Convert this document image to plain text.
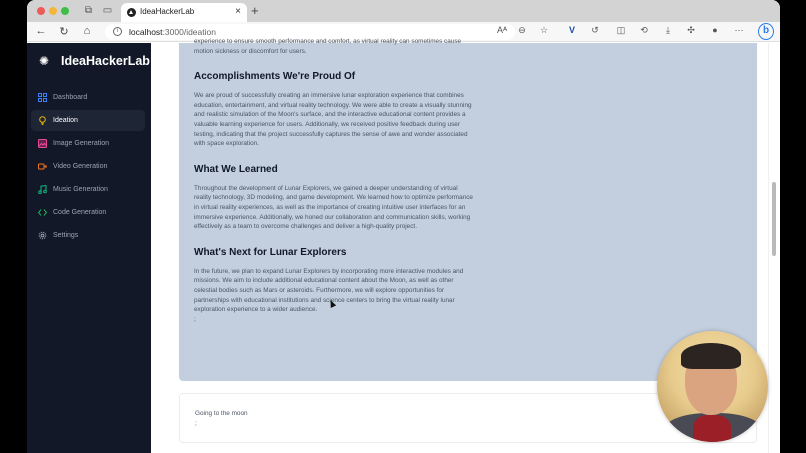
⧉ ▭	IdeaHackerLab	× +
← ↻	⌂	i	localhost:3000/ideation	Aᴬ ⊖ ☆	V	↺ ◫ ⟲	⤓	✣	●	⋯	b
✺ IdeaHackerLab
Dashboard
Ideation
Image Generation
Video Generation
Music Generation
Code Generation
Settings

experience to ensure smooth performance and comfort, as virtual reality can sometimes cause motion sickness or discomfort for users.

Accomplishments We're Proud Of

We are proud of successfully creating an immersive lunar exploration experience that combines education, entertainment, and virtual reality technology. We were able to create a visually stunning and realistic simulation of the Moon's surface, and the interactive educational content provides a valuable learning experience for users. Additionally, we received positive feedback during user testing, indicating that the project successfully captures the sense of awe and wonder associated with space exploration.

What We Learned

Throughout the development of Lunar Explorers, we gained a deeper understanding of virtual reality technology, 3D modeling, and game development. We learned how to optimize performance in virtual reality experiences, as well as the importance of creating intuitive user interfaces for an immersive experience. Additionally, we honed our collaboration and communication skills, working effectively as a team to overcome challenges and deliver a high-quality project.

What's Next for Lunar Explorers

In the future, we plan to expand Lunar Explorers by incorporating more interactive modules and missions. We aim to include additional educational content about the Moon, as well as other celestial bodies such as Mars or asteroids. Furthermore, we will explore opportunities for partnerships with educational institutions and science centers to bring the virtual reality lunar exploration experience to a wider audience.

;

Going to the moon
;
